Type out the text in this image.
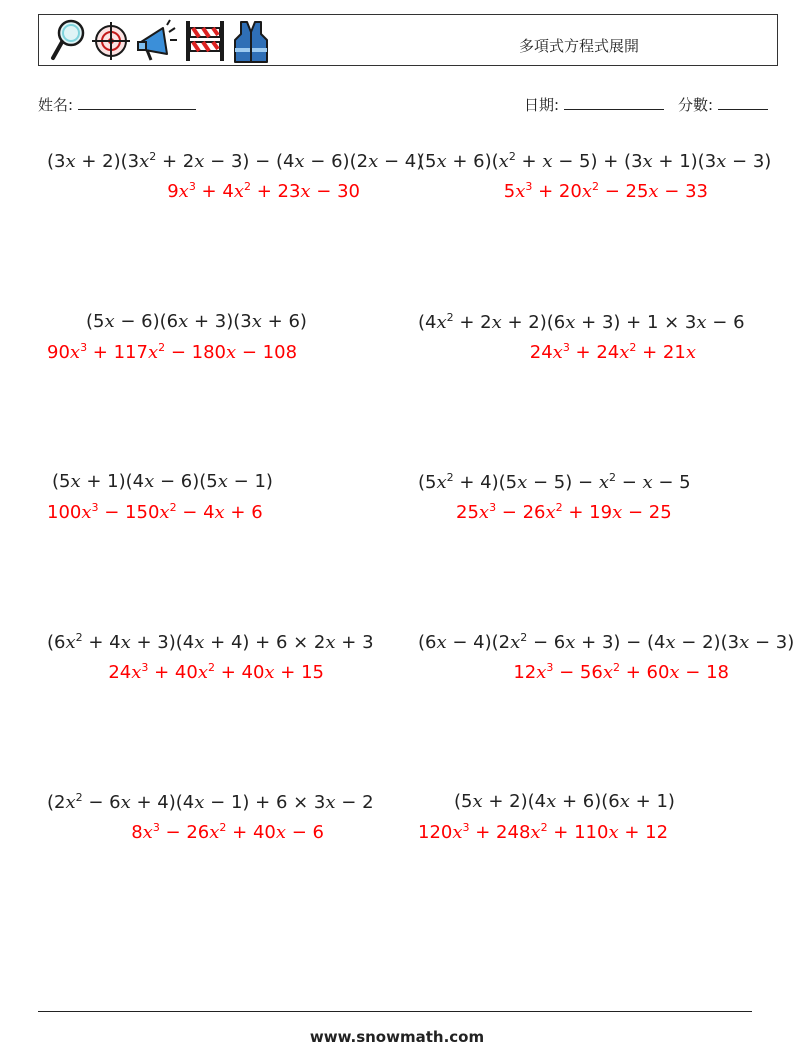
多項式方程式展開
姓名:	日期:	分數:
$(3x + 2)(3x^2 + 2x - 3) - (4x - 6)(2x - 4)$
$9x^3 + 4x^2 + 23x - 30$
$(5x + 6)(x^2 + x - 5) + (3x + 1)(3x - 3)$
$5x^3 + 20x^2 - 25x - 33$
(5x − 6)(6x + 3)(3x + 6)
$90x^3 + 117x^2 - 180x - 108$
$(4x^2 + 2x + 2)(6x + 3) + 1 \times 3x - 6$
$24x^3 + 24x^2 + 21x$
(5x + 1)(4x − 6)(5x − 1)
$100x^3 - 150x^2 - 4x + 6$
$(5x^2 + 4)(5x - 5) - x^2 - x - 5$
$25x^3 - 26x^2 + 19x - 25$
$(6x^2 + 4x + 3)(4x + 4) + 6 \times 2x + 3$
$24x^3 + 40x^2 + 40x + 15$
$(6x - 4)(2x^2 - 6x + 3) - (4x - 2)(3x - 3)$
$12x^3 - 56x^2 + 60x - 18$
$(2x^2 - 6x + 4)(4x - 1) + 6 \times 3x - 2$
$8x^3 - 26x^2 + 40x - 6$
(5x + 2)(4x + 6)(6x + 1)
$120x^3 + 248x^2 + 110x + 12$
www.snowmath.com
